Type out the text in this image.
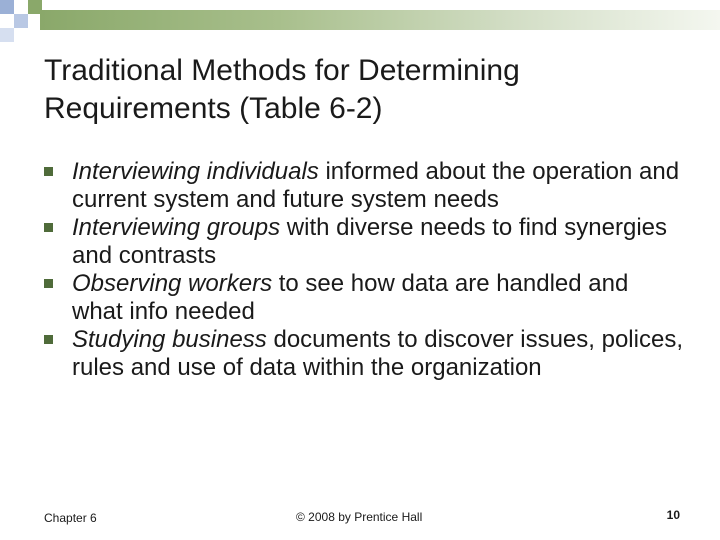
Traditional Methods for Determining Requirements (Table 6-2)
Interviewing individuals informed about the operation and current system and future system needs
Interviewing groups with diverse needs to find synergies and contrasts
Observing workers to see how data are handled and what info needed
Studying business documents to discover issues, polices, rules and use of data within the organization
Chapter 6	© 2008 by Prentice Hall	10
